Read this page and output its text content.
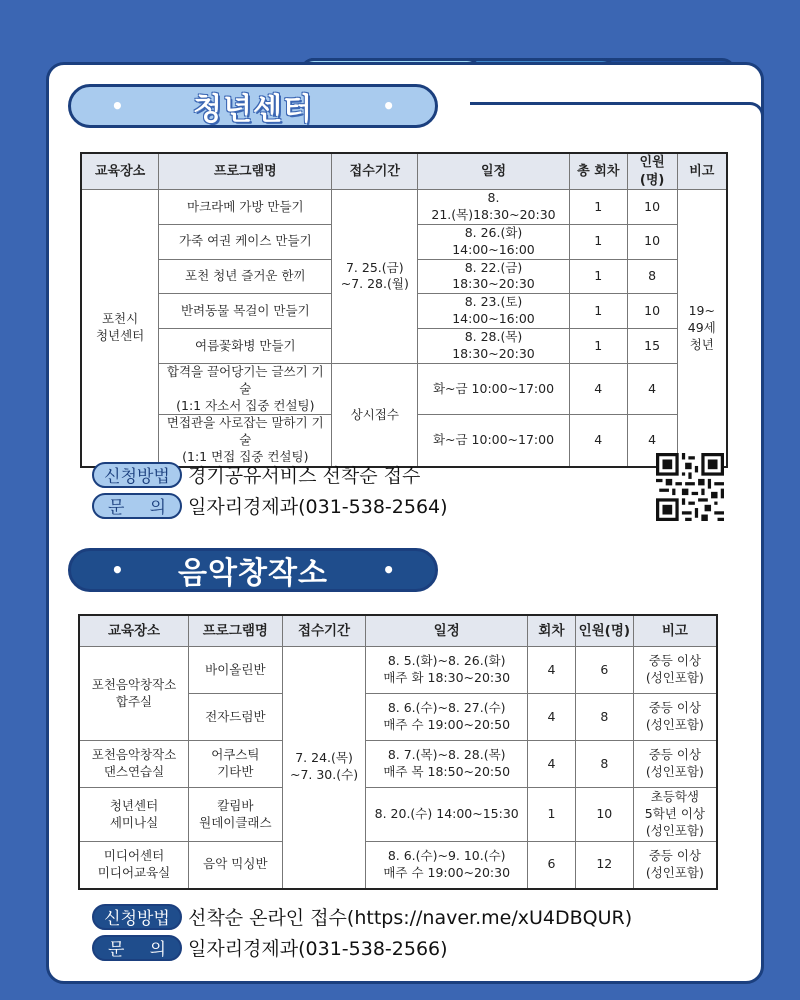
• 청년센터	•
교육장소	프로그램명	접수기간	일정	총 회차	인원(명)	비고
포천시
청년센터	마크라메 가방 만들기	7. 25.(금)
~7. 28.(월)	8.
21.(목)18:30~20:30	1	10	19~
49세
청년
	가죽 여권 케이스 만들기		8. 26.(화)
14:00~16:00	1	10	
	포천 청년 즐거운 한끼		8. 22.(금)
18:30~20:30	1	8	
	반려동물 목걸이 만들기		8. 23.(토)
14:00~16:00	1	10	
	여름꽃화병 만들기		8. 28.(목)
18:30~20:30	1	15	
	합격을 끌어당기는 글쓰기 기술
(1:1 자소서 집중 컨설팅)	상시접수	화~금 10:00~17:00	4	4	
	면접관을 사로잡는 말하기 기술
(1:1 면접 집중 컨설팅)		화~금 10:00~17:00	4	4	
신청방법 경기공유서비스 선착순 접수
문 의 일자리경제과(031-538-2564)
• 음악창작소	•
교육장소	프로그램명	접수기간	일정	회차	인원(명)	비고
포천음악창작소
합주실	바이올린반	7. 24.(목)
~7. 30.(수)	8. 5.(화)~8. 26.(화)
매주 화 18:30~20:30	4	6	중등 이상
(성인포함)
	전자드럼반		8. 6.(수)~8. 27.(수)
매주 수 19:00~20:50	4	8	중등 이상
(성인포함)
포천음악창작소
댄스연습실	어쿠스틱
기타반		8. 7.(목)~8. 28.(목)
매주 목 18:50~20:50	4	8	중등 이상
(성인포함)
청년센터
세미나실	칼림바
원데이클래스		8. 20.(수) 14:00~15:30	1	10	초등학생
5학년 이상
(성인포함)
미디어센터
미디어교육실	음악 믹싱반		8. 6.(수)~9. 10.(수)
매주 수 19:00~20:30	6	12	중등 이상
(성인포함)
신청방법 선착순 온라인 접수(https://naver.me/xU4DBQUR)
문 의 일자리경제과(031-538-2566)
